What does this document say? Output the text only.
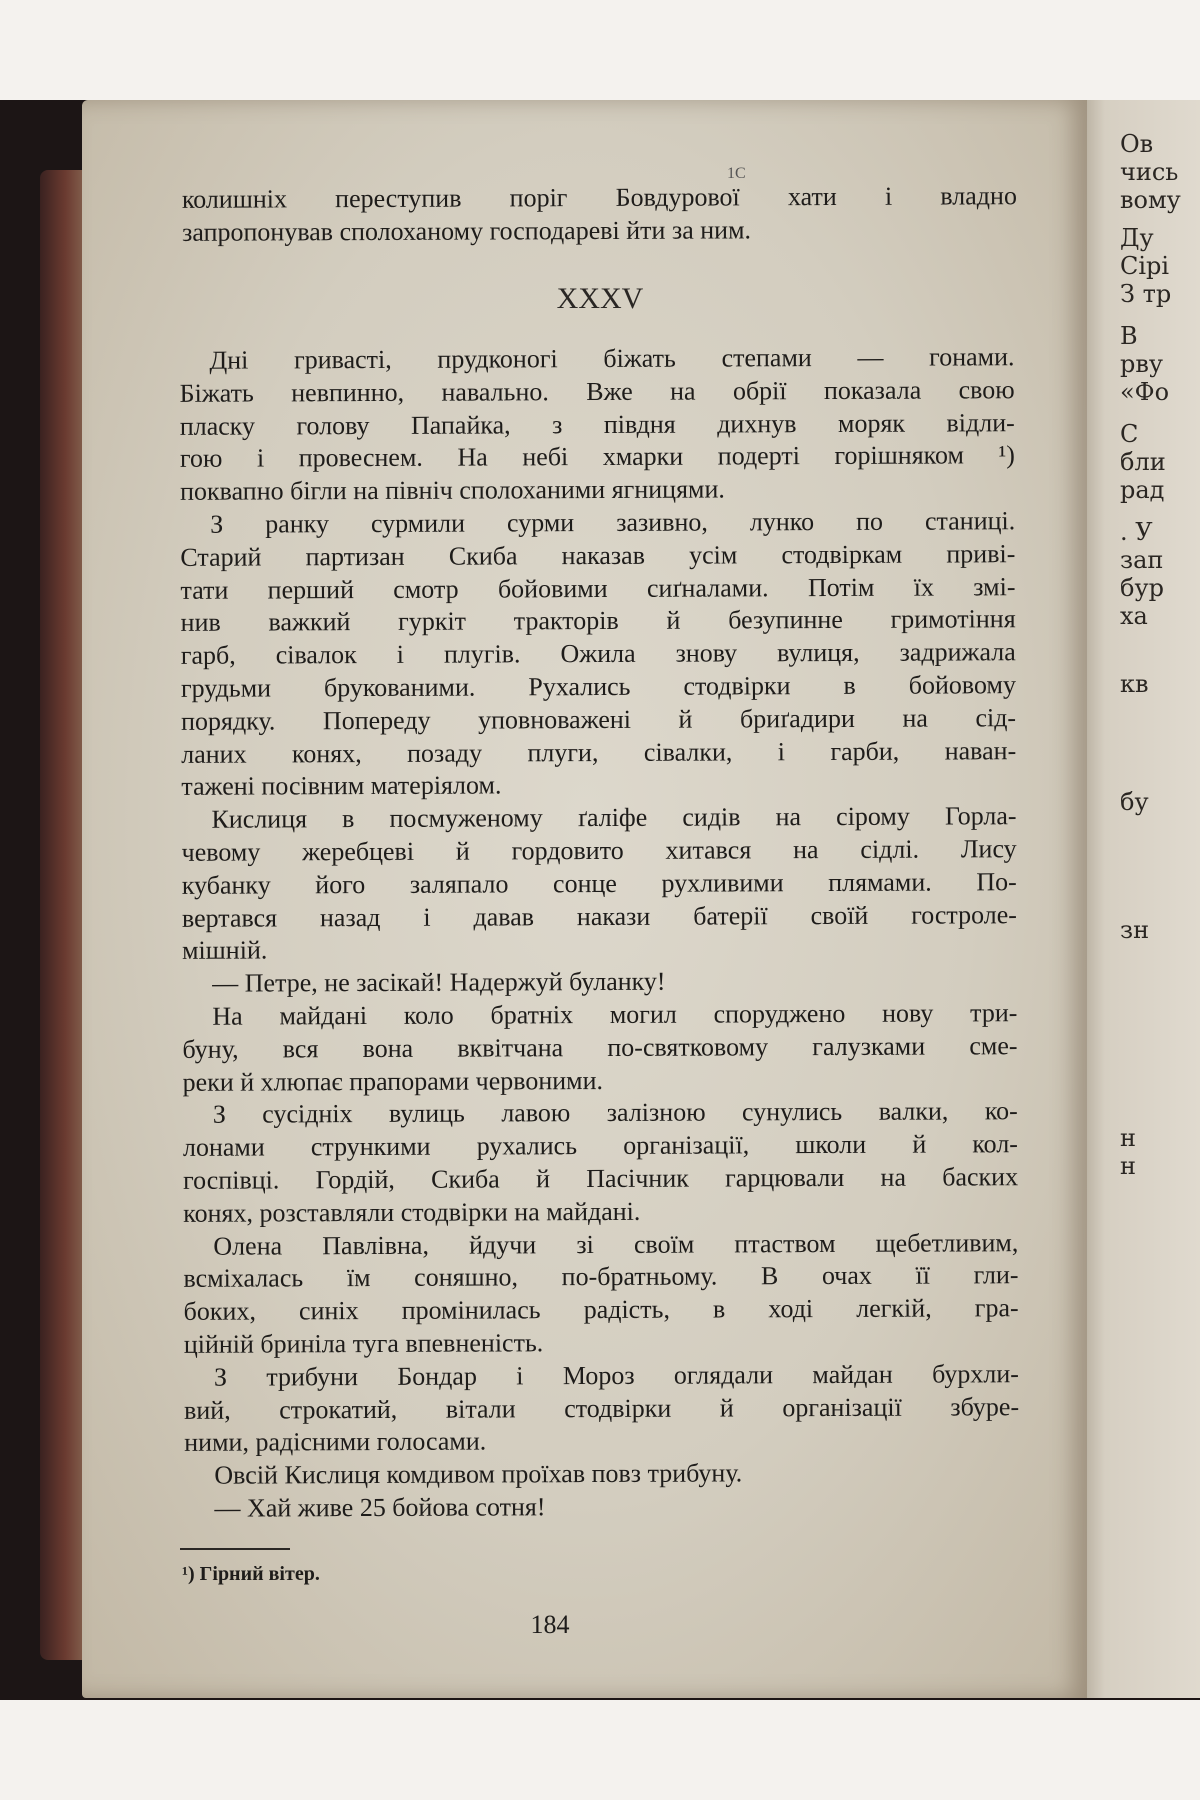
1C
колишніх переступив поріг Бовдурової хати і владно
запропонував сполоханому господареві йти за ним.
XXXV
Дні гривасті, прудконогі біжать степами — гонами.
Біжать невпинно, навально. Вже на обрії показала свою
пласку голову Папайка, з півдня дихнув моряк відли-
гою і провеснем. На небі хмарки подерті горішняком ¹)
поквапно бігли на північ сполоханими ягницями.
З ранку сурмили сурми зазивно, лунко по станиці.
Старий партизан Скиба наказав усім стодвіркам приві-
тати перший смотр бойовими сиґналами. Потім їх змі-
нив важкий гуркіт тракторів й безупинне гримотіння
гарб, сівалок і плугів. Ожила знову вулиця, задрижала
грудьми брукованими. Рухались стодвірки в бойовому
порядку. Попереду уповноважені й бриґадири на сід-
ланих конях, позаду плуги, сівалки, і гарби, наван-
тажені посівним матеріялом.
Кислиця в посмуженому ґаліфе сидів на сірому Горла-
чевому жеребцеві й гордовито хитався на сідлі. Лису
кубанку його заляпало сонце рухливими плямами. По-
вертався назад і давав накази батерії своїй гостроле-
мішній.
— Петре, не засікай! Надержуй буланку!
На майдані коло братніх могил споруджено нову три-
буну, вся вона вквітчана по-святковому галузками сме-
реки й хлюпає прапорами червоними.
З сусідніх вулиць лавою залізною сунулись валки, ко-
лонами стрункими рухались організації, школи й кол-
госпівці. Гордій, Скиба й Пасічник гарцювали на баских
конях, розставляли стодвірки на майдані.
Олена Павлівна, йдучи зі своїм птаством щебетливим,
всміхалась їм соняшно, по-братньому. В очах її гли-
боких, синіх промінилась радість, в ході легкій, гра-
ційній бриніла туга впевненість.
З трибуни Бондар і Мороз оглядали майдан бурхли-
вий, строкатий, вітали стодвірки й організації збуре-
ними, радісними голосами.
Овсій Кислиця комдивом проїхав повз трибуну.
— Хай живе 25 бойова сотня!
¹) Гірний вітер.
184
Ов
чись
вому
Ду
Сірі
З тр
В
рву
«Фо
С
бли
рад
. У
зап
бур
ха
кв
бу
зн
н
н
